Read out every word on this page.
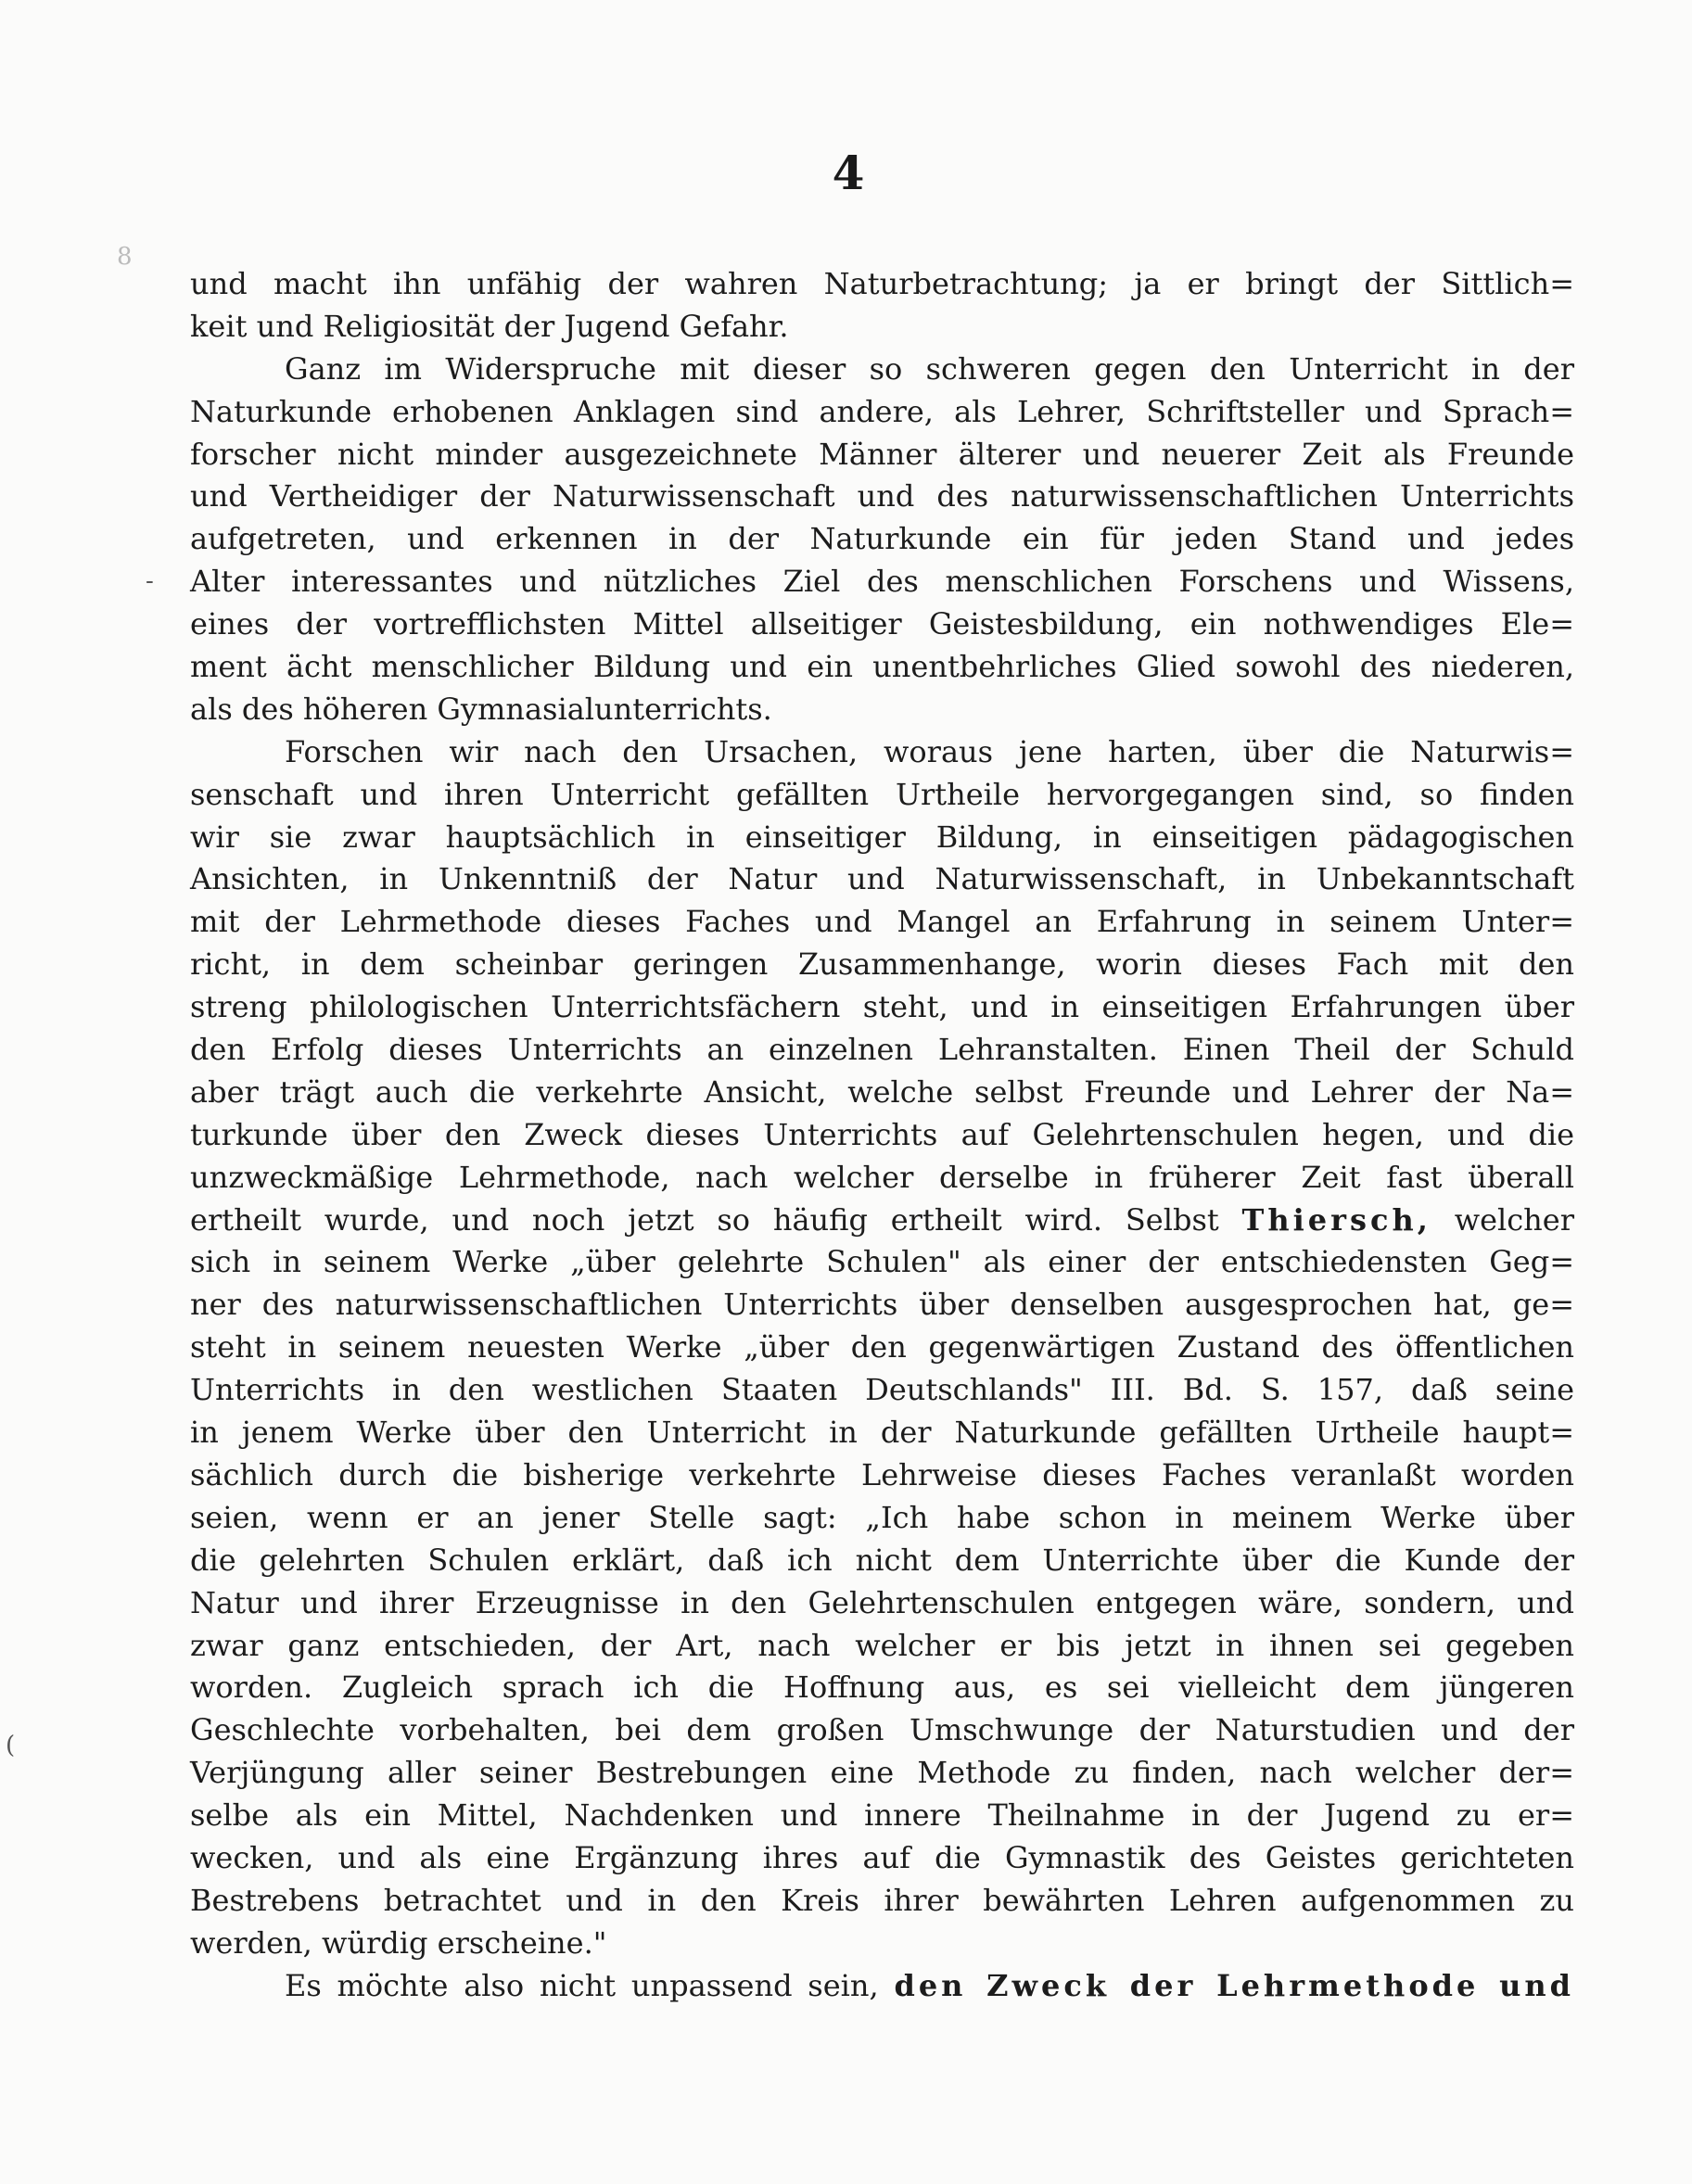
4
8
-
(
und macht ihn unfähig der wahren Naturbetrachtung; ja er bringt der Sittlich=
keit und Religiosität der Jugend Gefahr.
Ganz im Widerspruche mit dieser so schweren gegen den Unterricht in der
Naturkunde erhobenen Anklagen sind andere, als Lehrer, Schriftsteller und Sprach=
forscher nicht minder ausgezeichnete Männer älterer und neuerer Zeit als Freunde
und Vertheidiger der Naturwissenschaft und des naturwissenschaftlichen Unterrichts
aufgetreten, und erkennen in der Naturkunde ein für jeden Stand und jedes
Alter interessantes und nützliches Ziel des menschlichen Forschens und Wissens,
eines der vortrefflichsten Mittel allseitiger Geistesbildung, ein nothwendiges Ele=
ment ächt menschlicher Bildung und ein unentbehrliches Glied sowohl des niederen,
als des höheren Gymnasialunterrichts.
Forschen wir nach den Ursachen, woraus jene harten, über die Naturwis=
senschaft und ihren Unterricht gefällten Urtheile hervorgegangen sind, so finden
wir sie zwar hauptsächlich in einseitiger Bildung, in einseitigen pädagogischen
Ansichten, in Unkenntniß der Natur und Naturwissenschaft, in Unbekanntschaft
mit der Lehrmethode dieses Faches und Mangel an Erfahrung in seinem Unter=
richt, in dem scheinbar geringen Zusammenhange, worin dieses Fach mit den
streng philologischen Unterrichtsfächern steht, und in einseitigen Erfahrungen über
den Erfolg dieses Unterrichts an einzelnen Lehranstalten. Einen Theil der Schuld
aber trägt auch die verkehrte Ansicht, welche selbst Freunde und Lehrer der Na=
turkunde über den Zweck dieses Unterrichts auf Gelehrtenschulen hegen, und die
unzweckmäßige Lehrmethode, nach welcher derselbe in früherer Zeit fast überall
ertheilt wurde, und noch jetzt so häufig ertheilt wird. Selbst Thiersch, welcher
sich in seinem Werke „über gelehrte Schulen" als einer der entschiedensten Geg=
ner des naturwissenschaftlichen Unterrichts über denselben ausgesprochen hat, ge=
steht in seinem neuesten Werke „über den gegenwärtigen Zustand des öffentlichen
Unterrichts in den westlichen Staaten Deutschlands" III. Bd. S. 157, daß seine
in jenem Werke über den Unterricht in der Naturkunde gefällten Urtheile haupt=
sächlich durch die bisherige verkehrte Lehrweise dieses Faches veranlaßt worden
seien, wenn er an jener Stelle sagt: „Ich habe schon in meinem Werke über
die gelehrten Schulen erklärt, daß ich nicht dem Unterrichte über die Kunde der
Natur und ihrer Erzeugnisse in den Gelehrtenschulen entgegen wäre, sondern, und
zwar ganz entschieden, der Art, nach welcher er bis jetzt in ihnen sei gegeben
worden. Zugleich sprach ich die Hoffnung aus, es sei vielleicht dem jüngeren
Geschlechte vorbehalten, bei dem großen Umschwunge der Naturstudien und der
Verjüngung aller seiner Bestrebungen eine Methode zu finden, nach welcher der=
selbe als ein Mittel, Nachdenken und innere Theilnahme in der Jugend zu er=
wecken, und als eine Ergänzung ihres auf die Gymnastik des Geistes gerichteten
Bestrebens betrachtet und in den Kreis ihrer bewährten Lehren aufgenommen zu
werden, würdig erscheine."
Es möchte also nicht unpassend sein, den Zweck der Lehrmethode und
